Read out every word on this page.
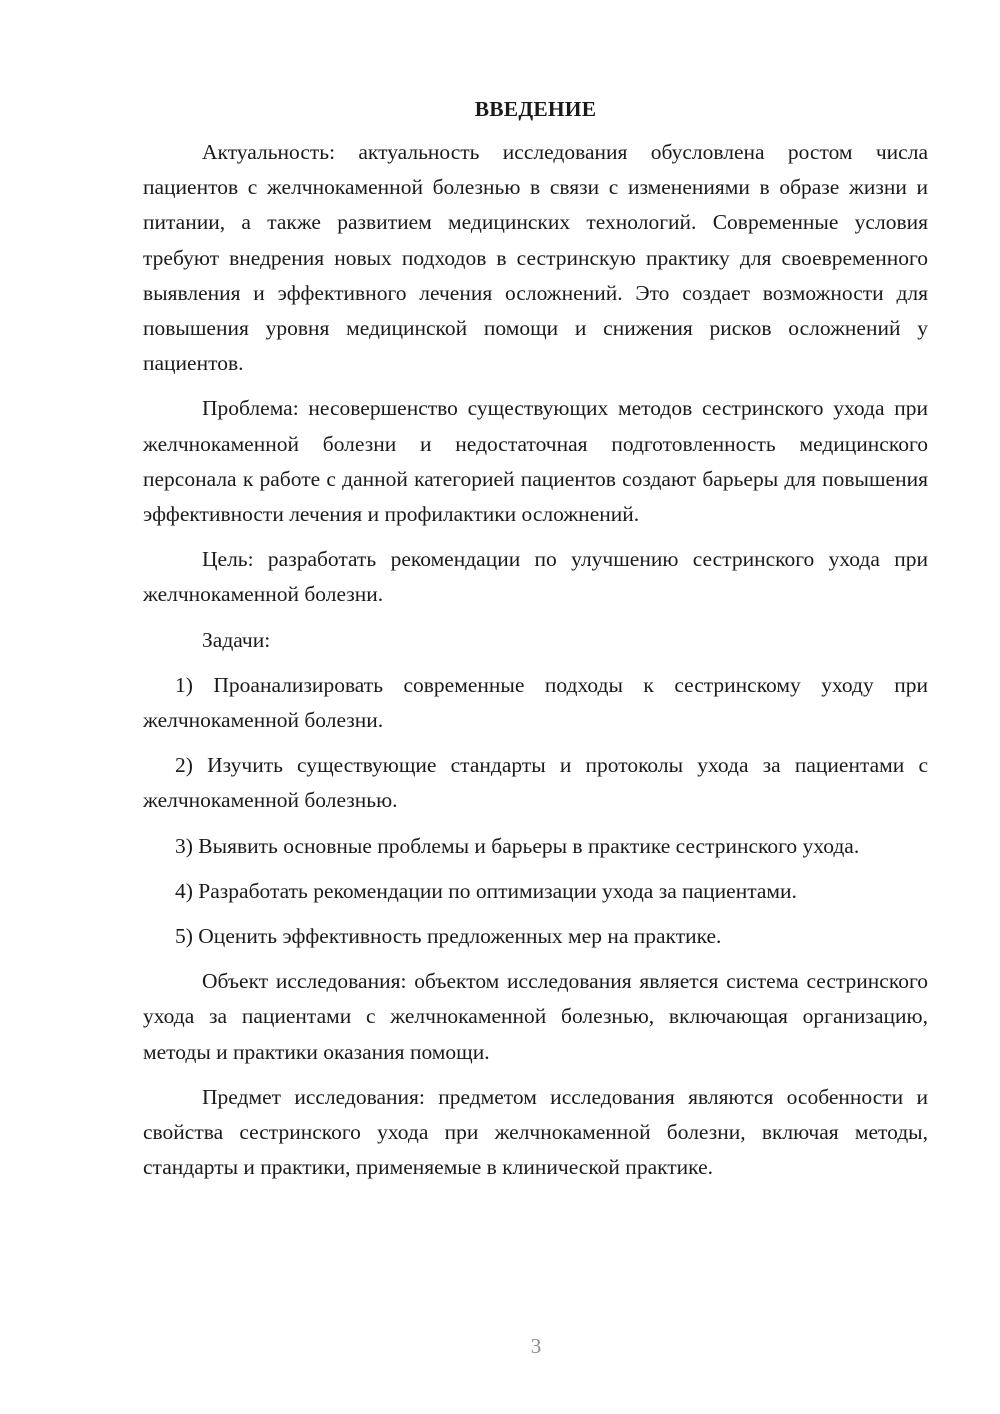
ВВЕДЕНИЕ

Актуальность: актуальность исследования обусловлена ростом числа пациентов с желчнокаменной болезнью в связи с изменениями в образе жизни и питании, а также развитием медицинских технологий. Современные условия требуют внедрения новых подходов в сестринскую практику для своевременного выявления и эффективного лечения осложнений. Это создает возможности для повышения уровня медицинской помощи и снижения рисков осложнений у пациентов.

Проблема: несовершенство существующих методов сестринского ухода при желчнокаменной болезни и недостаточная подготовленность медицинского персонала к работе с данной категорией пациентов создают барьеры для повышения эффективности лечения и профилактики осложнений.

Цель: разработать рекомендации по улучшению сестринского ухода при желчнокаменной болезни.

Задачи:

1) Проанализировать современные подходы к сестринскому уходу при желчнокаменной болезни.

2) Изучить существующие стандарты и протоколы ухода за пациентами с желчнокаменной болезнью.

3) Выявить основные проблемы и барьеры в практике сестринского ухода.

4) Разработать рекомендации по оптимизации ухода за пациентами.

5) Оценить эффективность предложенных мер на практике.

Объект исследования: объектом исследования является система сестринского ухода за пациентами с желчнокаменной болезнью, включающая организацию, методы и практики оказания помощи.

Предмет исследования: предметом исследования являются особенности и свойства сестринского ухода при желчнокаменной болезни, включая методы, стандарты и практики, применяемые в клинической практике.

3
